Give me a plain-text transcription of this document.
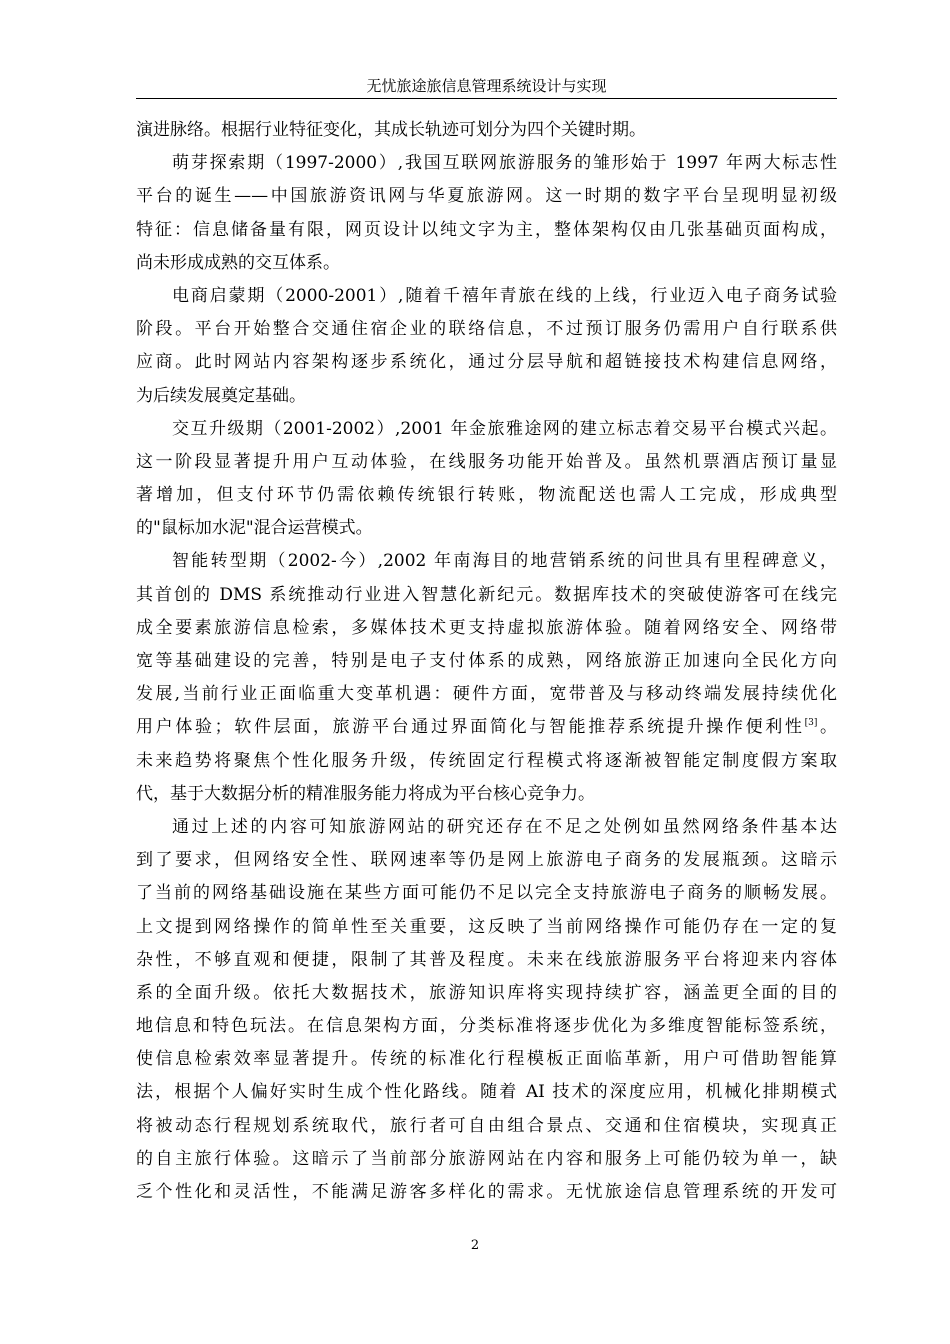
无忧旅途旅信息管理系统设计与实现
演进脉络。根据行业特征变化，其成长轨迹可划分为四个关键时期。
萌芽探索期（1997-2000）,我国互联网旅游服务的雏形始于 1997 年两大标志性
平台的诞生——中国旅游资讯网与华夏旅游网。这一时期的数字平台呈现明显初级
特征：信息储备量有限，网页设计以纯文字为主，整体架构仅由几张基础页面构成，
尚未形成成熟的交互体系。
电商启蒙期（2000-2001）,随着千禧年青旅在线的上线，行业迈入电子商务试验
阶段。平台开始整合交通住宿企业的联络信息，不过预订服务仍需用户自行联系供
应商。此时网站内容架构逐步系统化，通过分层导航和超链接技术构建信息网络，
为后续发展奠定基础。
交互升级期（2001-2002）,2001 年金旅雅途网的建立标志着交易平台模式兴起。
这一阶段显著提升用户互动体验，在线服务功能开始普及。虽然机票酒店预订量显
著增加，但支付环节仍需依赖传统银行转账，物流配送也需人工完成，形成典型
的"鼠标加水泥"混合运营模式。
智能转型期（2002-今）,2002 年南海目的地营销系统的问世具有里程碑意义，
其首创的 DMS 系统推动行业进入智慧化新纪元。数据库技术的突破使游客可在线完
成全要素旅游信息检索，多媒体技术更支持虚拟旅游体验。随着网络安全、网络带
宽等基础建设的完善，特别是电子支付体系的成熟，网络旅游正加速向全民化方向
发展,当前行业正面临重大变革机遇：硬件方面，宽带普及与移动终端发展持续优化
用户体验；软件层面，旅游平台通过界面简化与智能推荐系统提升操作便利性[3]。
未来趋势将聚焦个性化服务升级，传统固定行程模式将逐渐被智能定制度假方案取
代，基于大数据分析的精准服务能力将成为平台核心竞争力。
通过上述的内容可知旅游网站的研究还存在不足之处例如虽然网络条件基本达
到了要求，但网络安全性、联网速率等仍是网上旅游电子商务的发展瓶颈。这暗示
了当前的网络基础设施在某些方面可能仍不足以完全支持旅游电子商务的顺畅发展。
上文提到网络操作的简单性至关重要，这反映了当前网络操作可能仍存在一定的复
杂性，不够直观和便捷，限制了其普及程度。未来在线旅游服务平台将迎来内容体
系的全面升级。依托大数据技术，旅游知识库将实现持续扩容，涵盖更全面的目的
地信息和特色玩法。在信息架构方面，分类标准将逐步优化为多维度智能标签系统，
使信息检索效率显著提升。传统的标准化行程模板正面临革新，用户可借助智能算
法，根据个人偏好实时生成个性化路线。随着 AI 技术的深度应用，机械化排期模式
将被动态行程规划系统取代，旅行者可自由组合景点、交通和住宿模块，实现真正
的自主旅行体验。这暗示了当前部分旅游网站在内容和服务上可能仍较为单一，缺
乏个性化和灵活性，不能满足游客多样化的需求。无忧旅途信息管理系统的开发可
2
